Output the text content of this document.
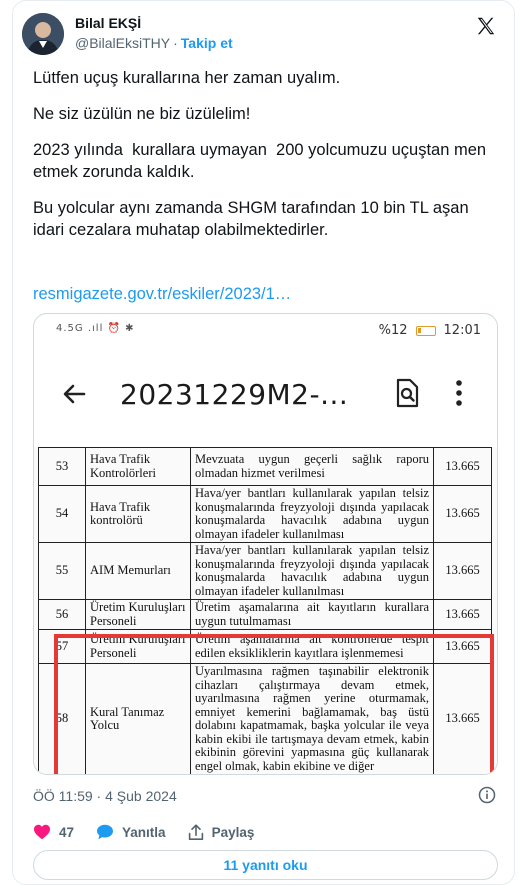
Bilal EKŞİ
@BilalEksiTHY · Takip et

Lütfen uçuş kurallarına her zaman uyalım.

Ne siz üzülün ne biz üzülelim!

2023 yılında  kurallara uymayan  200 yolcumuzu uçuştan men etmek zorunda kaldık.

Bu yolcular aynı zamanda SHGM tarafından 10 bin TL aşan idari cezalara muhatap olabilmektedirler.

resmigazete.gov.tr/eskiler/2023/1…
4.5G .ıll ⏰ ✱	%12	12:01
20231229M2-...
53	Hava Trafik Kontrolörleri	Mevzuata uygun geçerli sağlık raporu olmadan hizmet verilmesi	13.665
54	Hava Trafik kontrolörü	Hava/yer bantları kullanılarak yapılan telsiz konuşmalarında freyzyoloji dışında yapılacak konuşmalarda havacılık adabına uygun olmayan ifadeler kullanılması	13.665
55	AIM Memurları	Hava/yer bantları kullanılarak yapılan telsiz konuşmalarında freyzyoloji dışında yapılacak konuşmalarda havacılık adabına uygun olmayan ifadeler kullanılması	13.665
56	Üretim Kuruluşları Personeli	Üretim aşamalarına ait kayıtların kurallara uygun tutulmaması	13.665
57	Üretim Kuruluşları Personeli	Üretim aşamalarına ait kontrollerde tespit edilen eksikliklerin kayıtlara işlenmemesi	13.665
58	Kural Tanımaz Yolcu	Uyarılmasına rağmen taşınabilir elektronik cihazları çalıştırmaya devam etmek, uyarılmasına rağmen yerine oturmamak, emniyet kemerini bağlamamak, baş üstü dolabını kapatmamak, başka yolcular ile veya kabin ekibi ile tartışmaya devam etmek, kabin ekibinin görevini yapmasına güç kullanarak engel olmak, kabin ekibine ve diğer	13.665
ÖÖ 11:59 · 4 Şub 2024
47	Yanıtla	Paylaş
11 yanıtı oku
